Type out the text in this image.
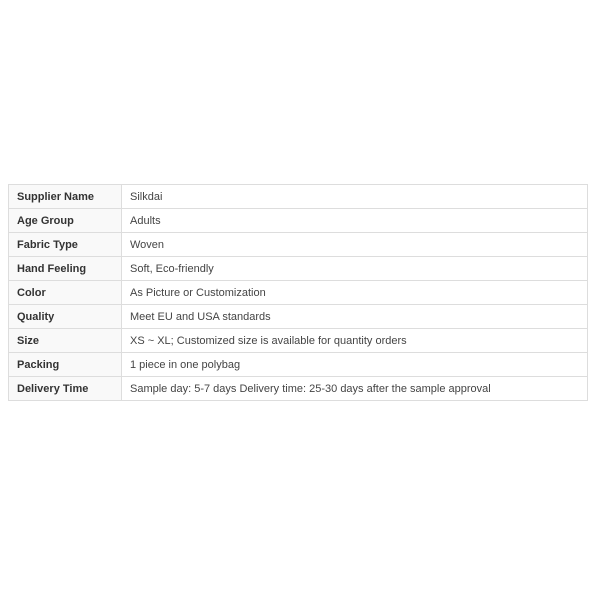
Supplier Name	Silkdai
Age Group	Adults
Fabric Type	Woven
Hand Feeling	Soft, Eco-friendly
Color	As Picture or Customization
Quality	Meet EU and USA standards
Size	XS ~ XL; Customized size is available for quantity orders
Packing	1 piece in one polybag
Delivery Time	Sample day: 5-7 days Delivery time: 25-30 days after the sample approval
